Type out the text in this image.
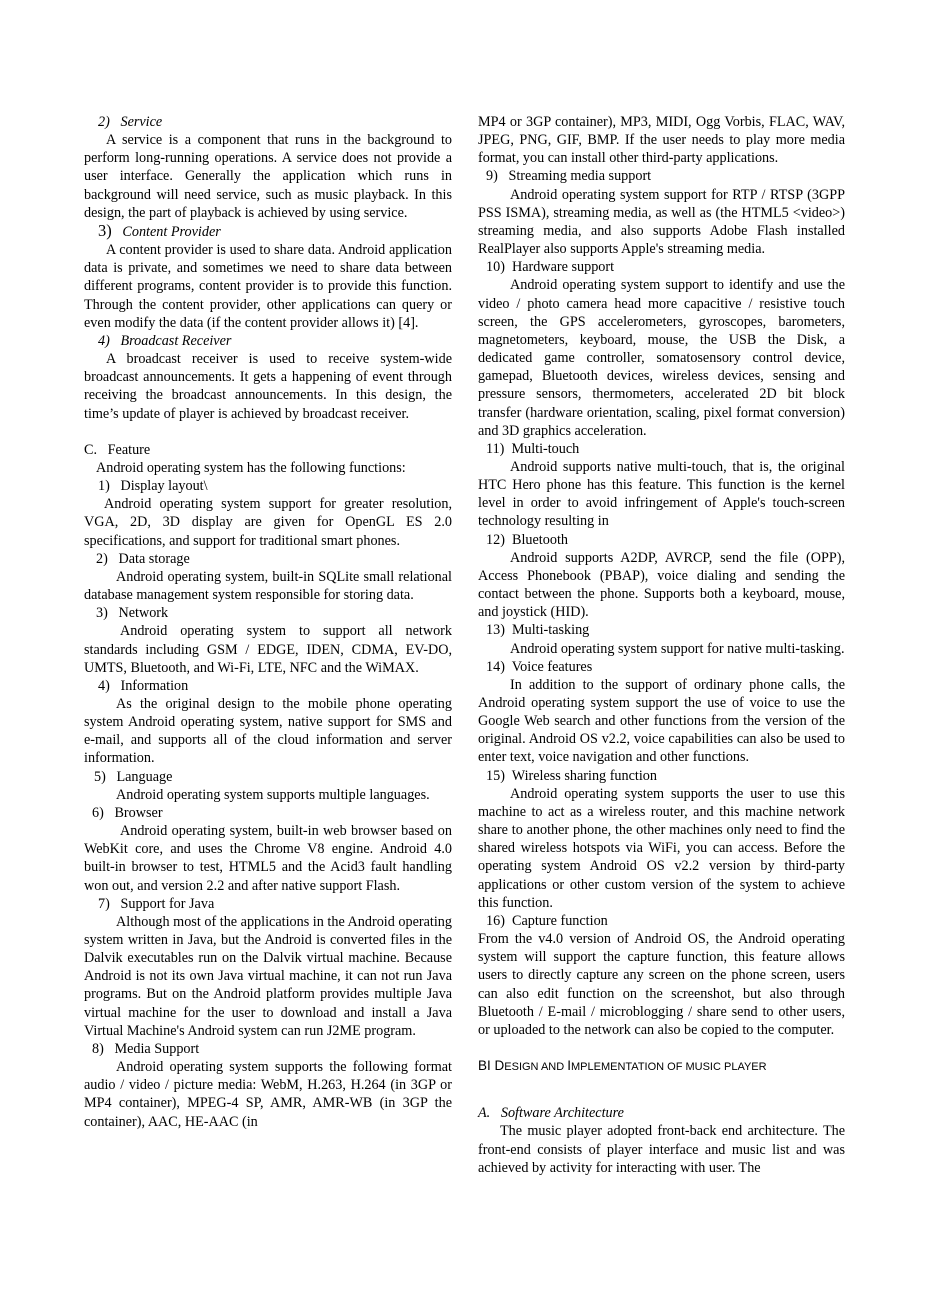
2) Service

A service is a component that runs in the background to perform long-running operations. A service does not provide a user interface. Generally the application which runs in background will need service, such as music playback. In this design, the part of playback is achieved by using service.

3) Content Provider

A content provider is used to share data. Android application data is private, and sometimes we need to share data between different programs, content provider is to provide this function. Through the content provider, other applications can query or even modify the data (if the content provider allows it) [4].

4) Broadcast Receiver

A broadcast receiver is used to receive system-wide broadcast announcements. It gets a happening of event through receiving the broadcast announcements. In this design, the time’s update of player is achieved by broadcast receiver.

C. Feature

Android operating system has the following functions:

1) Display layout\

Android operating system support for greater resolution, VGA, 2D, 3D display are given for OpenGL ES 2.0 specifications, and support for traditional smart phones.

2) Data storage

Android operating system, built-in SQLite small relational database management system responsible for storing data.

3) Network

Android operating system to support all network standards including GSM / EDGE, IDEN, CDMA, EV-DO, UMTS, Bluetooth, and Wi-Fi, LTE, NFC and the WiMAX.

4) Information

As the original design to the mobile phone operating system Android operating system, native support for SMS and e-mail, and supports all of the cloud information and server information.

5) Language

Android operating system supports multiple languages.

6) Browser

Android operating system, built-in web browser based on WebKit core, and uses the Chrome V8 engine. Android 4.0 built-in browser to test, HTML5 and the Acid3 fault handling won out, and version 2.2 and after native support Flash.

7) Support for Java

Although most of the applications in the Android operating system written in Java, but the Android is converted files in the Dalvik executables run on the Dalvik virtual machine. Because Android is not its own Java virtual machine, it can not run Java programs. But on the Android platform provides multiple Java virtual machine for the user to download and install a Java Virtual Machine's Android system can run J2ME program.

8) Media Support

Android operating system supports the following format audio / video / picture media: WebM, H.263, H.264 (in 3GP or MP4 container), MPEG-4 SP, AMR, AMR-WB (in 3GP the container), AAC, HE-AAC (in

MP4 or 3GP container), MP3, MIDI, Ogg Vorbis, FLAC, WAV, JPEG, PNG, GIF, BMP. If the user needs to play more media format, you can install other third-party applications.

9) Streaming media support

Android operating system support for RTP / RTSP (3GPP PSS ISMA), streaming media, as well as (the HTML5 <video>) streaming media, and also supports Adobe Flash installed RealPlayer also supports Apple's streaming media.

10) Hardware support

Android operating system support to identify and use the video / photo camera head more capacitive / resistive touch screen, the GPS accelerometers, gyroscopes, barometers, magnetometers, keyboard, mouse, the USB the Disk, a dedicated game controller, somatosensory control device, gamepad, Bluetooth devices, wireless devices, sensing and pressure sensors, thermometers, accelerated 2D bit block transfer (hardware orientation, scaling, pixel format conversion) and 3D graphics acceleration.

11) Multi-touch

Android supports native multi-touch, that is, the original HTC Hero phone has this feature. This function is the kernel level in order to avoid infringement of Apple's touch-screen technology resulting in

12) Bluetooth

Android supports A2DP, AVRCP, send the file (OPP), Access Phonebook (PBAP), voice dialing and sending the contact between the phone. Supports both a keyboard, mouse, and joystick (HID).

13) Multi-tasking

Android operating system support for native multi-tasking.

14) Voice features

In addition to the support of ordinary phone calls, the Android operating system support the use of voice to use the Google Web search and other functions from the version of the original. Android OS v2.2, voice capabilities can also be used to enter text, voice navigation and other functions.

15) Wireless sharing function

Android operating system supports the user to use this machine to act as a wireless router, and this machine network share to another phone, the other machines only need to find the shared wireless hotspots via WiFi, you can access. Before the operating system Android OS v2.2 version by third-party applications or other custom version of the system to achieve this function.

16) Capture function

From the v4.0 version of Android OS, the Android operating system will support the capture function, this feature allows users to directly capture any screen on the phone screen, users can also edit function on the screenshot, but also through Bluetooth / E-mail / microblogging / share send to other users, or uploaded to the network can also be copied to the computer.

BI DESIGN AND IMPLEMENTATION OF MUSIC PLAYER

A. Software Architecture

The music player adopted front-back end architecture. The front-end consists of player interface and music list and was achieved by activity for interacting with user. The
